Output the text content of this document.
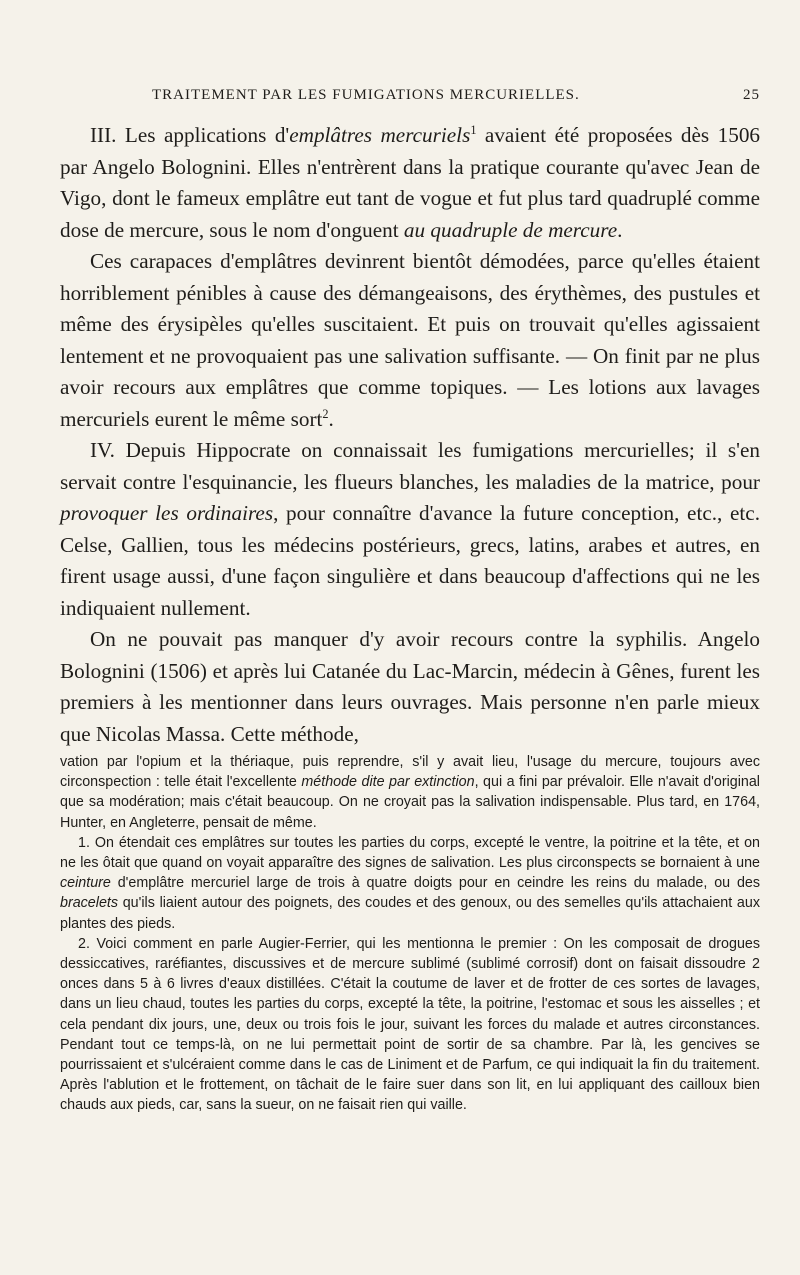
TRAITEMENT PAR LES FUMIGATIONS MERCURIELLES.	25

III. Les applications d'emplâtres mercuriels$^1$ avaient été proposées dès 1506 par Angelo Bolognini. Elles n'entrèrent dans la pratique courante qu'avec Jean de Vigo, dont le fameux emplâtre eut tant de vogue et fut plus tard quadruplé comme dose de mercure, sous le nom d'onguent au quadruple de mercure.

Ces carapaces d'emplâtres devinrent bientôt démodées, parce qu'elles étaient horriblement pénibles à cause des démangeaisons, des érythèmes, des pustules et même des érysipèles qu'elles suscitaient. Et puis on trouvait qu'elles agissaient lentement et ne provoquaient pas une salivation suffisante. — On finit par ne plus avoir recours aux emplâtres que comme topiques. — Les lotions aux lavages mercuriels eurent le même sort$^2$.

IV. Depuis Hippocrate on connaissait les fumigations mercurielles; il s'en servait contre l'esquinancie, les flueurs blanches, les maladies de la matrice, pour provoquer les ordinaires, pour connaître d'avance la future conception, etc., etc. Celse, Gallien, tous les médecins postérieurs, grecs, latins, arabes et autres, en firent usage aussi, d'une façon singulière et dans beaucoup d'affections qui ne les indiquaient nullement.

On ne pouvait pas manquer d'y avoir recours contre la syphilis. Angelo Bolognini (1506) et après lui Catanée du Lac-Marcin, médecin à Gênes, furent les premiers à les mentionner dans leurs ouvrages. Mais personne n'en parle mieux que Nicolas Massa. Cette méthode,

vation par l'opium et la thériaque, puis reprendre, s'il y avait lieu, l'usage du mercure, toujours avec circonspection : telle était l'excellente méthode dite par extinction, qui a fini par prévaloir. Elle n'avait d'original que sa modération; mais c'était beaucoup. On ne croyait pas la salivation indispensable. Plus tard, en 1764, Hunter, en Angleterre, pensait de même.

1. On étendait ces emplâtres sur toutes les parties du corps, excepté le ventre, la poitrine et la tête, et on ne les ôtait que quand on voyait apparaître des signes de salivation. Les plus circonspects se bornaient à une ceinture d'emplâtre mercuriel large de trois à quatre doigts pour en ceindre les reins du malade, ou des bracelets qu'ils liaient autour des poignets, des coudes et des genoux, ou des semelles qu'ils attachaient aux plantes des pieds.

2. Voici comment en parle Augier-Ferrier, qui les mentionna le premier : On les composait de drogues dessiccatives, raréfiantes, discussives et de mercure sublimé (sublimé corrosif) dont on faisait dissoudre 2 onces dans 5 à 6 livres d'eaux distillées. C'était la coutume de laver et de frotter de ces sortes de lavages, dans un lieu chaud, toutes les parties du corps, excepté la tête, la poitrine, l'estomac et sous les aisselles ; et cela pendant dix jours, une, deux ou trois fois le jour, suivant les forces du malade et autres circonstances. Pendant tout ce temps-là, on ne lui permettait point de sortir de sa chambre. Par là, les gencives se pourrissaient et s'ulcéraient comme dans le cas de Liniment et de Parfum, ce qui indiquait la fin du traitement. Après l'ablution et le frottement, on tâchait de le faire suer dans son lit, en lui appliquant des cailloux bien chauds aux pieds, car, sans la sueur, on ne faisait rien qui vaille.
